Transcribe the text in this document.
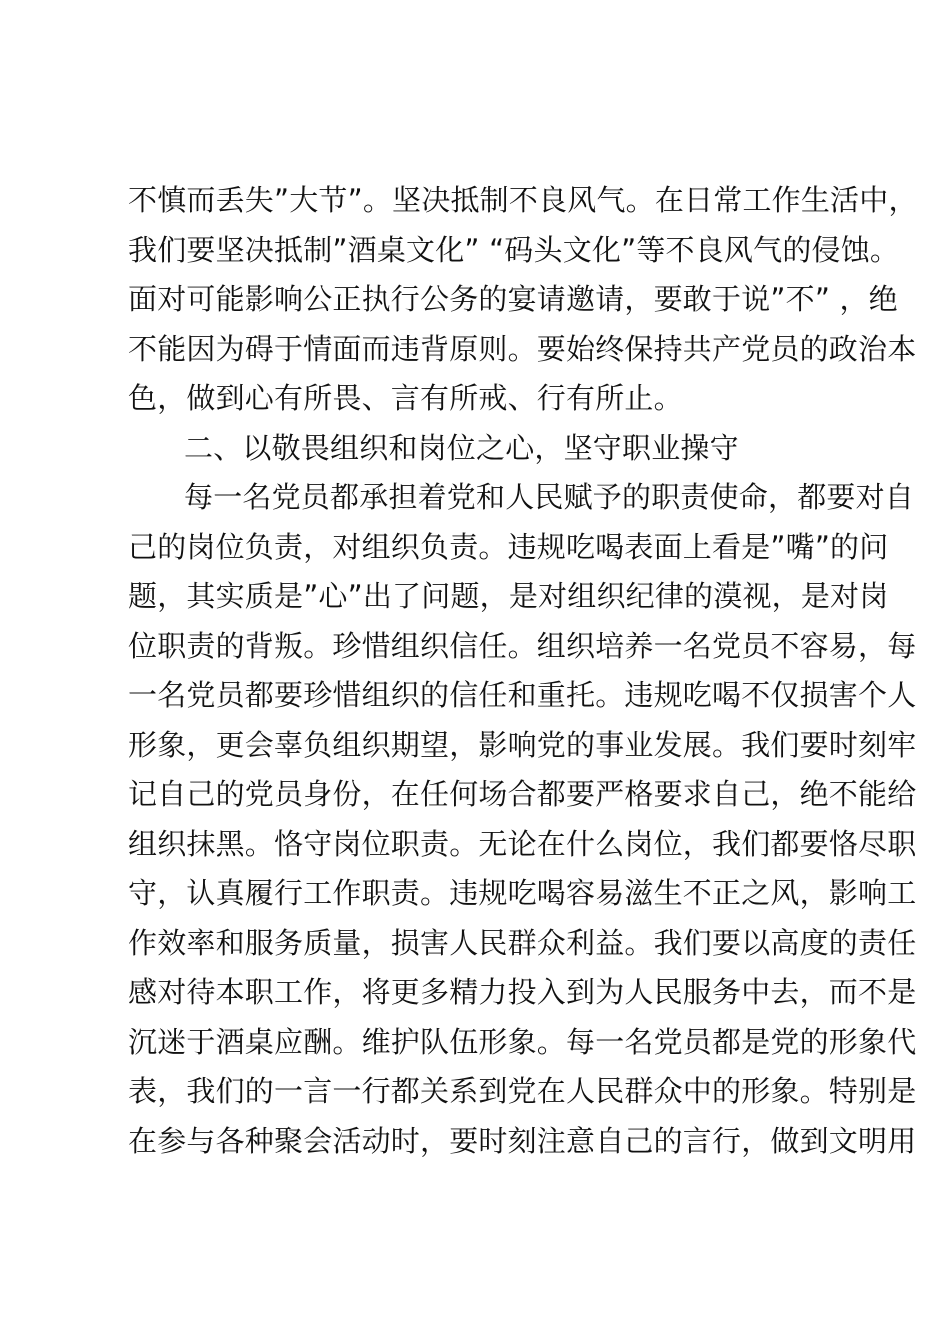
不慎而丢失”大节”。坚决抵制不良风气。在日常工作生活中，
我们要坚决抵制”酒桌文化” “码头文化”等不良风气的侵蚀。
面对可能影响公正执行公务的宴请邀请，要敢于说”不” ，绝
不能因为碍于情面而违背原则。要始终保持共产党员的政治本
色，做到心有所畏、言有所戒、行有所止。
二、以敬畏组织和岗位之心，坚守职业操守
每一名党员都承担着党和人民赋予的职责使命，都要对自
己的岗位负责，对组织负责。违规吃喝表面上看是”嘴”的问
题，其实质是”心”出了问题，是对组织纪律的漠视，是对岗
位职责的背叛。珍惜组织信任。组织培养一名党员不容易，每
一名党员都要珍惜组织的信任和重托。违规吃喝不仅损害个人
形象，更会辜负组织期望，影响党的事业发展。我们要时刻牢
记自己的党员身份，在任何场合都要严格要求自己，绝不能给
组织抹黑。恪守岗位职责。无论在什么岗位，我们都要恪尽职
守，认真履行工作职责。违规吃喝容易滋生不正之风，影响工
作效率和服务质量，损害人民群众利益。我们要以高度的责任
感对待本职工作，将更多精力投入到为人民服务中去，而不是
沉迷于酒桌应酬。维护队伍形象。每一名党员都是党的形象代
表，我们的一言一行都关系到党在人民群众中的形象。特别是
在参与各种聚会活动时，要时刻注意自己的言行，做到文明用
